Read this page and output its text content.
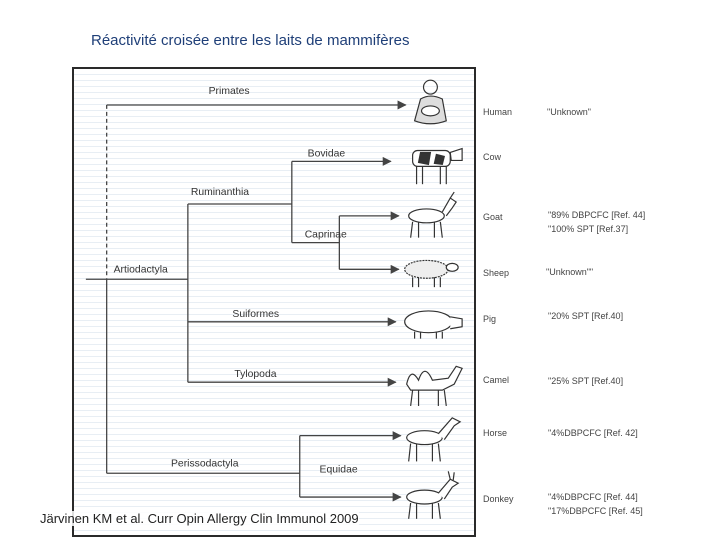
Réactivité croisée entre les laits de mammifères
Primates
Bovidae
Ruminanthia
Caprinae
Artiodactyla
Suiformes
Tylopoda
Perissodactyla
Equidae
Human	"Unknown"
Cow
Goat	"89% DBPCFC [Ref. 44]
"100% SPT [Ref.37]
Sheep	"Unknown""
Pig	"20% SPT [Ref.40]
Camel	"25% SPT [Ref.40]
Horse	"4%DBPCFC [Ref. 42]
Donkey	"4%DBPCFC [Ref. 44]
"17%DBPCFC [Ref. 45]
Järvinen KM et al. Curr Opin Allergy Clin Immunol 2009
